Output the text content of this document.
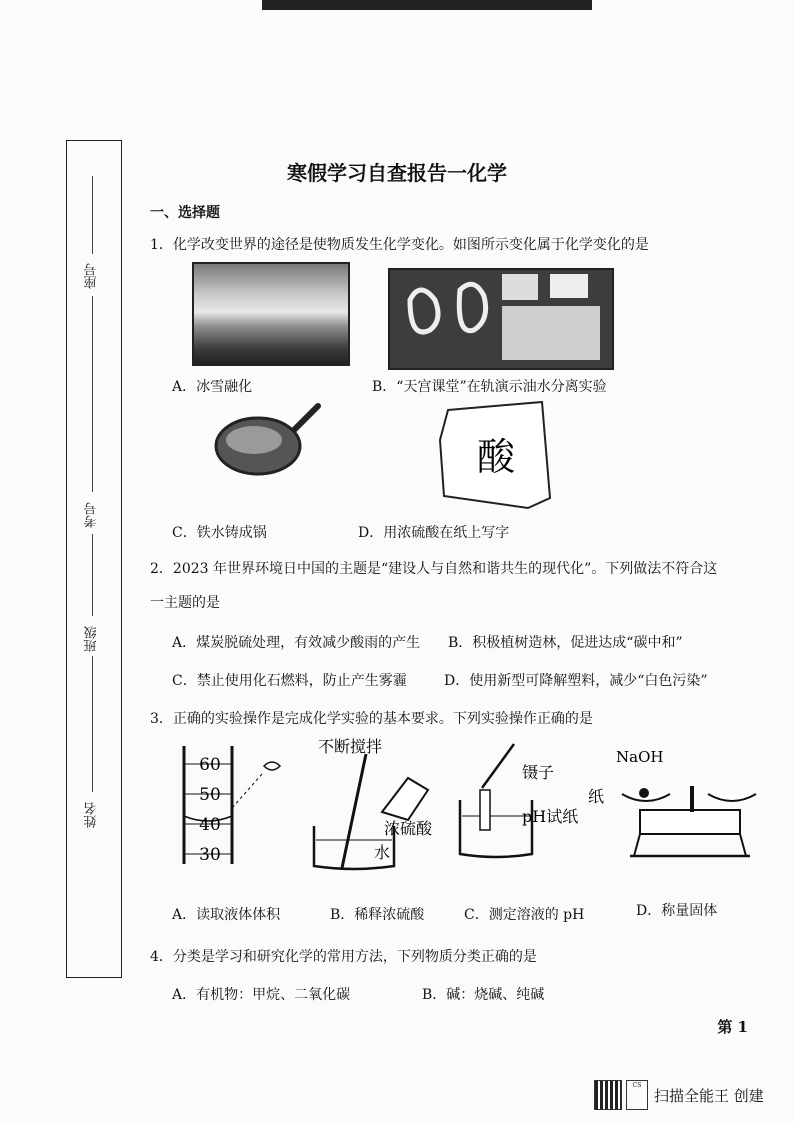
座号
考号
班级
姓名
寒假学习自查报告一化学
一、选择题
1．化学改变世界的途径是使物质发生化学变化。如图所示变化属于化学变化的是
A．冰雪融化	B．“天宫课堂”在轨演示油水分离实验
酸
C．铁水铸成锅	D．用浓硫酸在纸上写字
2．2023 年世界环境日中国的主题是“建设人与自然和谐共生的现代化”。下列做法不符合这
一主题的是
A．煤炭脱硫处理，有效减少酸雨的产生 B．积极植树造林，促进达成“碳中和”
C．禁止使用化石燃料，防止产生雾霾	D．使用新型可降解塑料，减少“白色污染”
3．正确的实验操作是完成化学实验的基本要求。下列实验操作正确的是
60
50
40
30
不断搅拌
浓硫酸
水
镊子
pH试纸
NaOH
纸
A．读取液体体积	B．稀释浓硫酸	C．测定溶液的 pH	D．称量固体
4．分类是学习和研究化学的常用方法，下列物质分类正确的是
A．有机物：甲烷、二氧化碳	B．碱：烧碱、纯碱
第 1
CS
扫描全能王 创建
